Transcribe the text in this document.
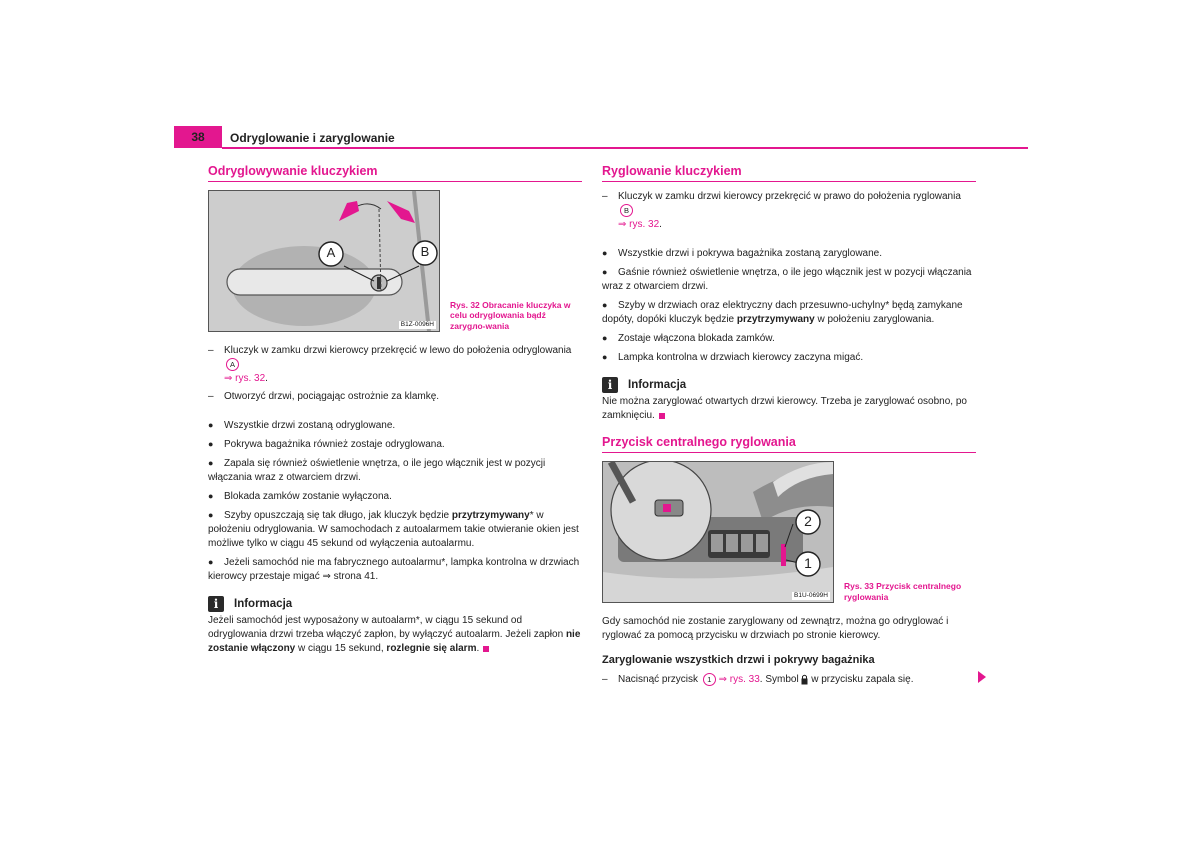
38	Odryglowanie i zaryglowanie
Odryglowywanie kluczykiem
A	B
B1Z-0096H
Rys. 32 Obracanie kluczyka w celu odryglowania bądź zarygло-wania
– Kluczyk w zamku drzwi kierowcy przekręcić w lewo do położenia odryglowania A
⇒ rys. 32.
– Otworzyć drzwi, pociągając ostrożnie za klamkę.
● Wszystkie drzwi zostaną odryglowane.
● Pokrywa bagażnika również zostaje odryglowana.
● Zapala się również oświetlenie wnętrza, o ile jego włącznik jest w pozycji włączania wraz z otwarciem drzwi.
● Blokada zamków zostanie wyłączona.
● Szyby opuszczają się tak długo, jak kluczyk będzie przytrzymywany* w położeniu odryglowania. W samochodach z autoalarmem takie otwieranie okien jest możliwe tylko w ciągu 45 sekund od wyłączenia autoalarmu.
● Jeżeli samochód nie ma fabrycznego autoalarmu*, lampka kontrolna w drzwiach kierowcy przestaje migać ⇒ strona 41.
i	Informacja
Jeżeli samochód jest wyposażony w autoalarm*, w ciągu 15 sekund od odryglowania drzwi trzeba włączyć zapłon, by wyłączyć autoalarm. Jeżeli zapłon nie zostanie włączony w ciągu 15 sekund, rozlegnie się alarm.
Ryglowanie kluczykiem
– Kluczyk w zamku drzwi kierowcy przekręcić w prawo do położenia ryglowania B
⇒ rys. 32.
● Wszystkie drzwi i pokrywa bagażnika zostaną zaryglowane.
● Gaśnie również oświetlenie wnętrza, o ile jego włącznik jest w pozycji włączania wraz z otwarciem drzwi.
● Szyby w drzwiach oraz elektryczny dach przesuwno-uchylny* będą zamykane dopóty, dopóki kluczyk będzie przytrzymywany w położeniu zaryglowania.
● Zostaje włączona blokada zamków.
● Lampka kontrolna w drzwiach kierowcy zaczyna migać.
i	Informacja
Nie można zaryglować otwartych drzwi kierowcy. Trzeba je zaryglować osobno, po zamknięciu.
Przycisk centralnego ryglowania
2
1
B1U-0699H
Rys. 33 Przycisk centralnego ryglowania
Gdy samochód nie zostanie zaryglowany od zewnątrz, można go odryglować i ryglować za pomocą przycisku w drzwiach po stronie kierowcy.
Zaryglowanie wszystkich drzwi i pokrywy bagażnika
– Nacisnąć przycisk 1 ⇒ rys. 33. Symbol  w przycisku zapala się.
